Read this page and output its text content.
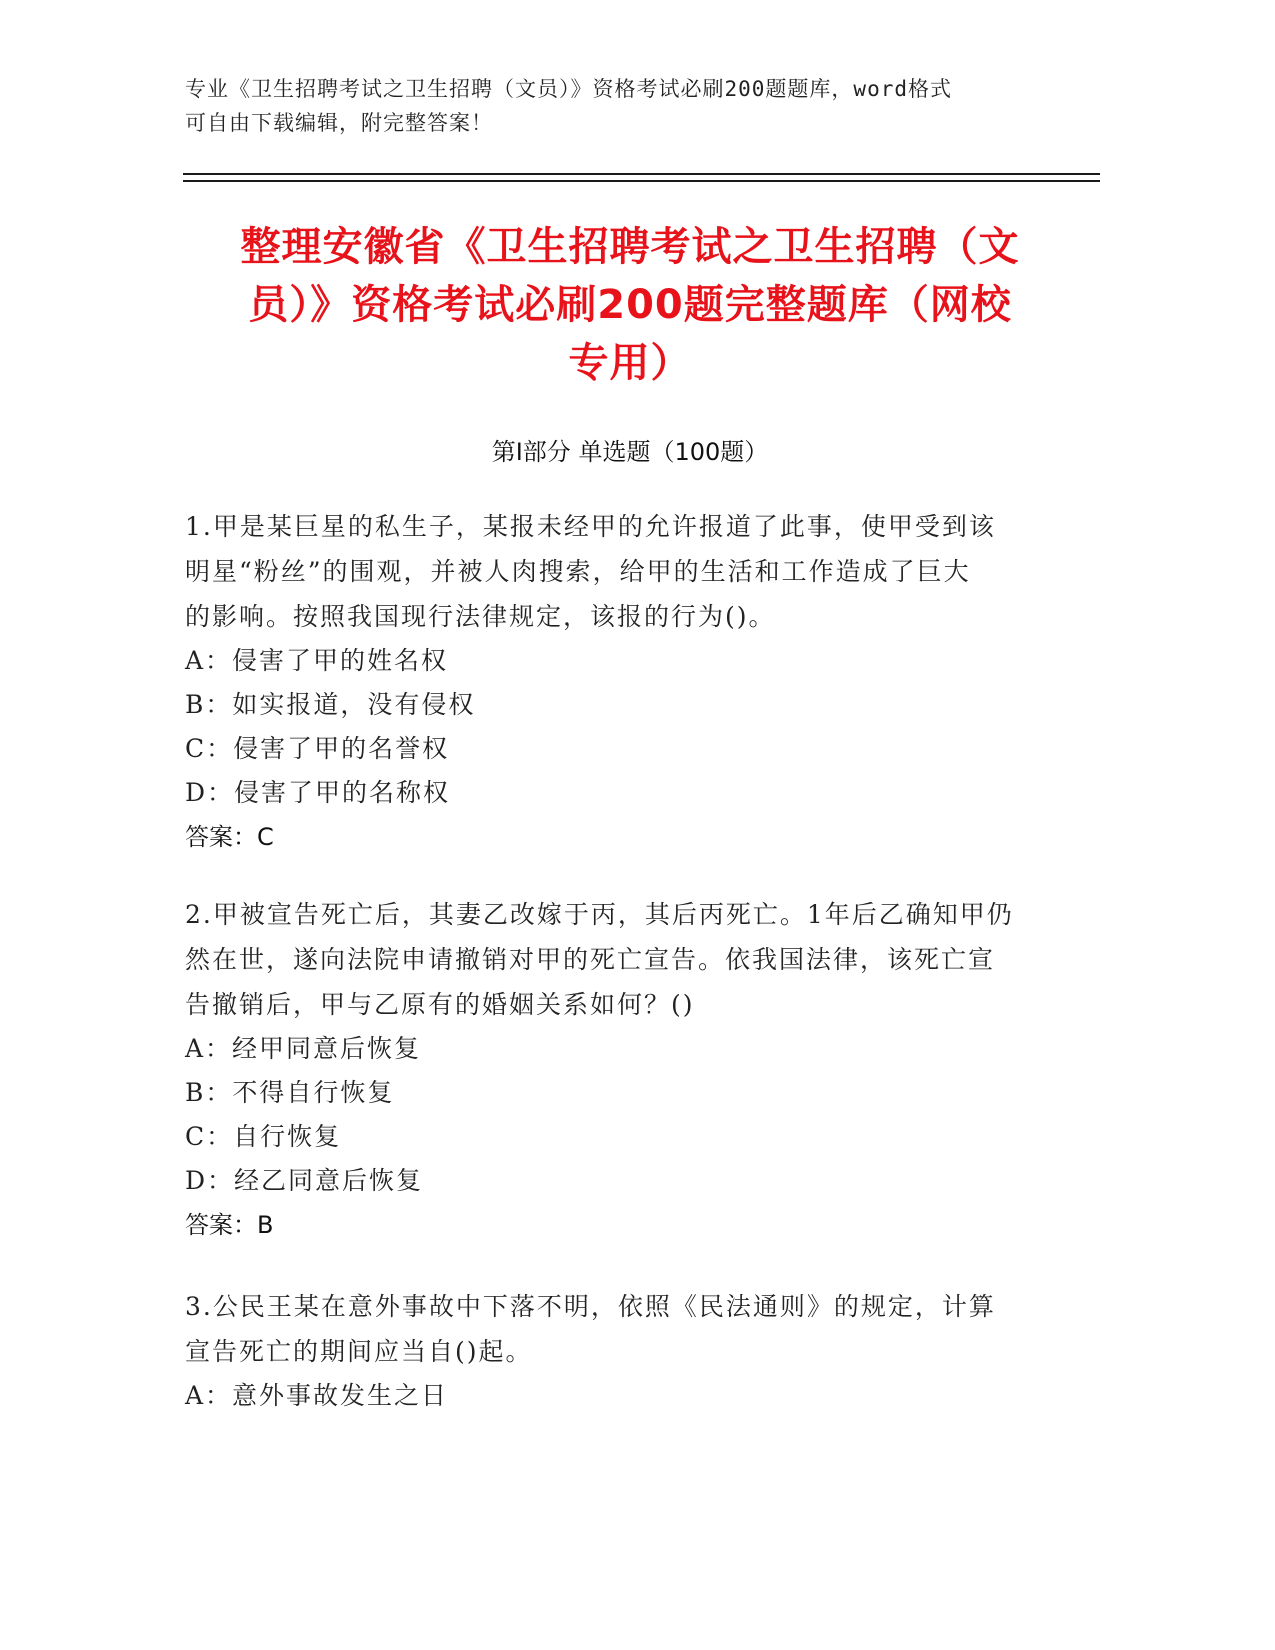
专业《卫生招聘考试之卫生招聘（文员）》资格考试必刷200题题库，word格式
可自由下载编辑，附完整答案！
整理安徽省《卫生招聘考试之卫生招聘（文
员）》资格考试必刷200题完整题库（网校
专用）
第Ⅰ部分 单选题（100题）

1.甲是某巨星的私生子，某报未经甲的允许报道了此事，使甲受到该

明星“粉丝”的围观，并被人肉搜索，给甲的生活和工作造成了巨大

的影响。按照我国现行法律规定，该报的行为()。

A：侵害了甲的姓名权

B：如实报道，没有侵权

C：侵害了甲的名誉权

D：侵害了甲的名称权

答案：C

2.甲被宣告死亡后，其妻乙改嫁于丙，其后丙死亡。1年后乙确知甲仍

然在世，遂向法院申请撤销对甲的死亡宣告。依我国法律，该死亡宣

告撤销后，甲与乙原有的婚姻关系如何？()

A：经甲同意后恢复

B：不得自行恢复

C：自行恢复

D：经乙同意后恢复

答案：B

3.公民王某在意外事故中下落不明，依照《民法通则》的规定，计算

宣告死亡的期间应当自()起。

A：意外事故发生之日
